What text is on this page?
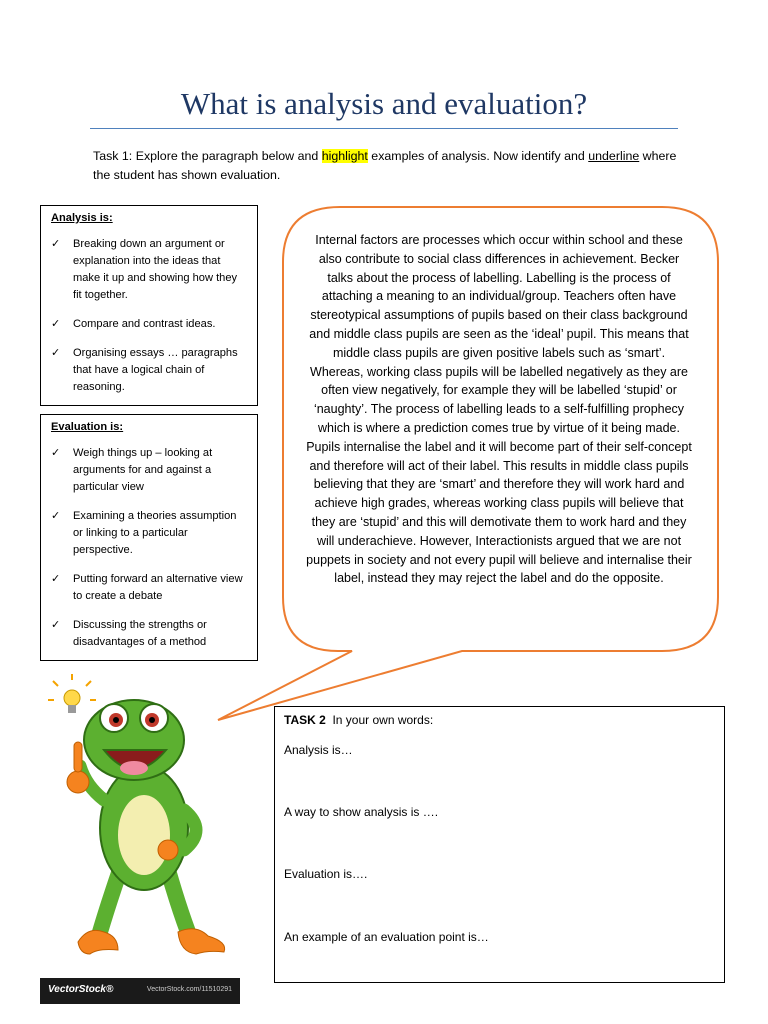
What is analysis and evaluation?
Task 1: Explore the paragraph below and highlight examples of analysis. Now identify and underline where the student has shown evaluation.
Analysis is:
✓ Breaking down an argument or explanation into the ideas that make it up and showing how they fit together.
✓ Compare and contrast ideas.
✓ Organising essays … paragraphs that have a logical chain of reasoning.
Evaluation is:
✓ Weigh things up – looking at arguments for and against a particular view
✓ Examining a theories assumption or linking to a particular perspective.
✓ Putting forward an alternative view to create a debate
✓ Discussing the strengths or disadvantages of a method
Internal factors are processes which occur within school and these also contribute to social class differences in achievement. Becker talks about the process of labelling. Labelling is the process of attaching a meaning to an individual/group. Teachers often have stereotypical assumptions of pupils based on their class background and middle class pupils are seen as the ‘ideal’ pupil. This means that middle class pupils are given positive labels such as ‘smart’. Whereas, working class pupils will be labelled negatively as they are often view negatively, for example they will be labelled ‘stupid’ or ‘naughty’. The process of labelling leads to a self-fulfilling prophecy which is where a prediction comes true by virtue of it being made. Pupils internalise the label and it will become part of their self-concept and therefore will act of their label. This results in middle class pupils believing that they are ‘smart’ and therefore they will work hard and achieve high grades, whereas working class pupils will believe that they are ‘stupid’ and this will demotivate them to work hard and they will underachieve. However, Interactionists argued that we are not puppets in society and not every pupil will believe and internalise their label, instead they may reject the label and do the opposite.
TASK 2 In your own words:
Analysis is…
A way to show analysis is ….
Evaluation is….
An example of an evaluation point is…
VectorStock®	VectorStock.com/11510291
